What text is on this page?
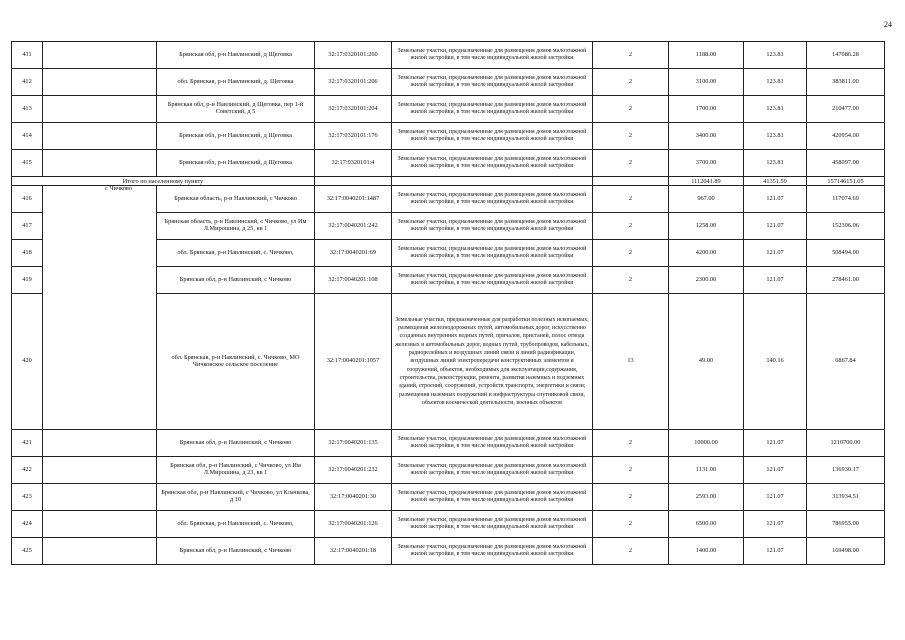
24
411		Брянская обл, р-н Навлинский, д Щеговка	32:17:0320101:260	Земельные участки, предназначенные для размещения домов малоэтажной жилой застройки, в том числе индивидуальной жилой застройки	2	1188.00	123.81	147086.28
412		обл. Брянская, р-н Навлинский, д. Щеговка	32:17:0320101:206	Земельные участки, предназначенные для размещения домов малоэтажной жилой застройки, в том числе индивидуальной жилой застройки	2	3100.00	123.81	383811.00
413		Брянская обл, р-н Навлинский, д Щеговка, пер 1-й Советский, д 5	32:17:0320101:204	Земельные участки, предназначенные для размещения домов малоэтажной жилой застройки, в том числе индивидуальной жилой застройки	2	1700.00	123.81	210477.00
414		Брянская обл, р-н Навлинский, д Щеговка	32:17:0320101:176	Земельные участки, предназначенные для размещения домов малоэтажной жилой застройки, в том числе индивидуальной жилой застройки	2	3400.00	123.81	420954.00
415		Брянская обл, р-н Навлинский, д Щеговка	32:17:0320101:4	Земельные участки, предназначенные для размещения домов малоэтажной жилой застройки, в том числе индивидуальной жилой застройки	2	3700.00	123.81	458097.00
Итого по населенному пункту						1112041.89	41351.59	157146151.05
416	с Чичково	Брянская область, р-н Навлинский, с Чичково	32:17:0040201:1487	Земельные участки, предназначенные для размещения домов малоэтажной жилой застройки, в том числе индивидуальной жилой застройки	2	967.00	121.07	117074.69
417		Брянская область, р-н Навлинский, с Чичково, ул Им Л.Мирошина, д 25, кв 1	32:17:0040201:242	Земельные участки, предназначенные для размещения домов малоэтажной жилой застройки, в том числе индивидуальной жилой застройки	2	1258.00	121.07	152306.06
418		обл. Брянская, р-н Навлинский, с. Чичково,	32:17:0040201:69	Земельные участки, предназначенные для размещения домов малоэтажной жилой застройки, в том числе индивидуальной жилой застройки	2	4200.00	121.07	508494.00
419		Брянская обл, р-н Навлинский, с Чичково	32:17:0040201:108	Земельные участки, предназначенные для размещения домов малоэтажной жилой застройки, в том числе индивидуальной жилой застройки	2	2300.00	121.07	278461.00
420		обл. Брянская, р-н Навлинский, с. Чичково, МО Чичковское сельское поселение	32:17:0040201:1057	Земельные участки, предназначенные для разработки полезных ископаемых, размещения железнодорожных путей, автомобильных дорог, искусственно созданных внутренних водных путей, причалов, пристаней, полос отвода железных и автомобильных дорог, водных путей, трубопроводов, кабельных, радиорелейных и воздушных линий связи и линий радиофикации, воздушных линий электропередачи конструктивных элементов и сооружений, объектов, необходимых для эксплуатации,содержания, строительства, реконструкции, ремонта, развития наземных и подземных зданий, строений, сооружений, устройств транспорта, энергетики и связи; размещения наземных сооружений и инфраструктуры спутниковой связи, объектов космической деятельности, военных объектов	13	49.00	140.16	6867.84
421		Брянская обл, р-н Навлинский, с Чичково	32:17:0040201:135	Земельные участки, предназначенные для размещения домов малоэтажной жилой застройки, в том числе индивидуальной жилой застройки	2	10000.00	121.07	1210700.00
422		Брянская обл, р-н Навлинский, с Чичково, ул Им Л.Мирошина, д 23, кв 1	32:17:0040201:232	Земельные участки, предназначенные для размещения домов малоэтажной жилой застройки, в том числе индивидуальной жилой застройки	2	1131.00	121.07	136930.17
423		Брянская обл, р-н Навлинский, с Чичково, ул Клачкова, д 10	32:17:0040201:30	Земельные участки, предназначенные для размещения домов малоэтажной жилой застройки, в том числе индивидуальной жилой застройки	2	2593.00	121.07	313934.51
424		обл. Брянская, р-н Навлинский, с. Чичково,	32:17:0040201:126	Земельные участки, предназначенные для размещения домов малоэтажной жилой застройки, в том числе индивидуальной жилой застройки	2	6500.00	121.07	786955.00
425		Брянская обл, р-н Навлинский, с Чичково	32:17:0040201:18	Земельные участки, предназначенные для размещения домов малоэтажной жилой застройки, в том числе индивидуальной жилой застройки	2	1400.00	121.07	169498.00
